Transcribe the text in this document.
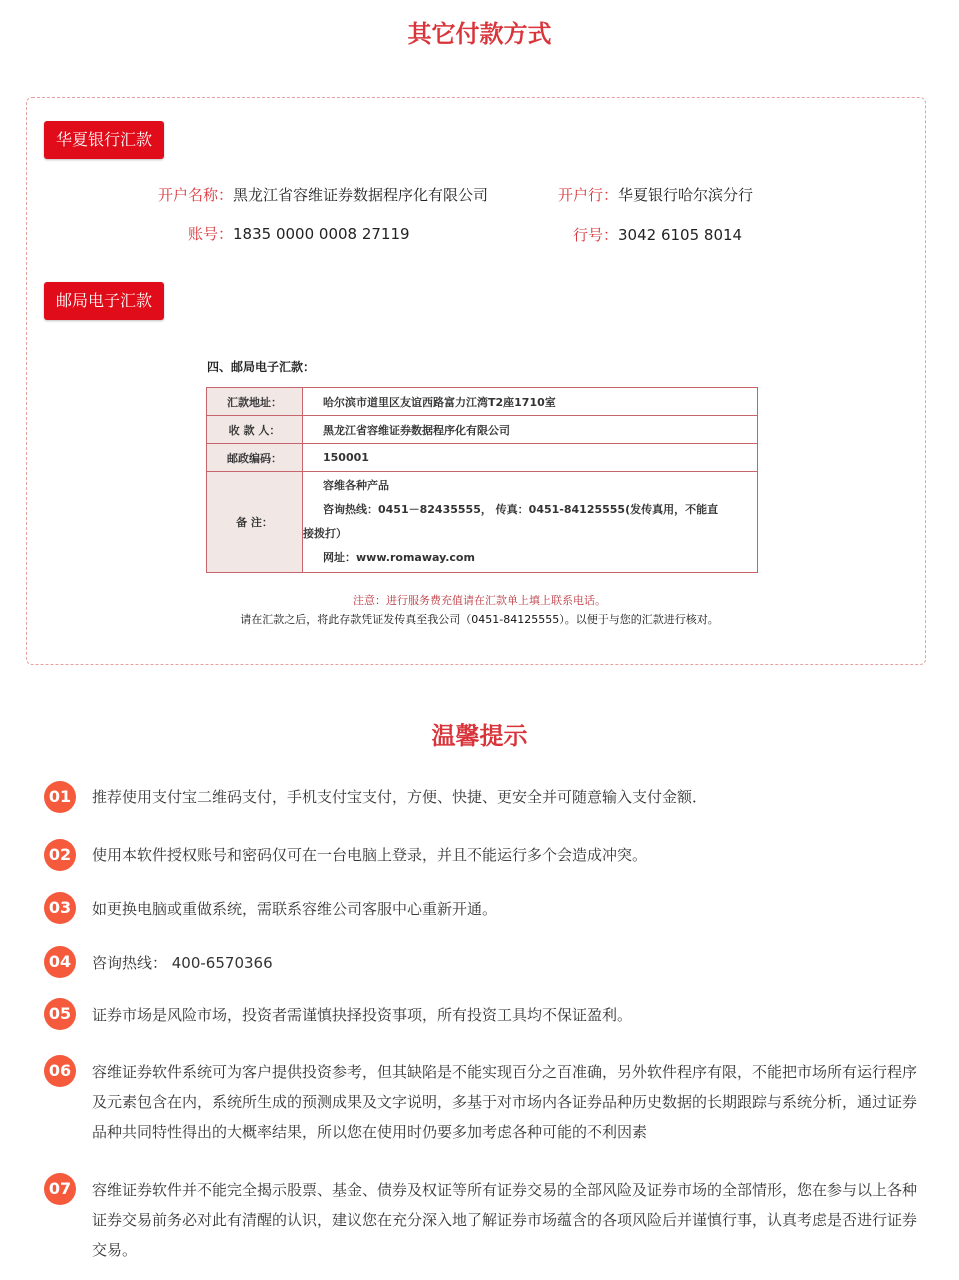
其它付款方式
华夏银行汇款
开户名称：黑龙江省容维证券数据程序化有限公司	开户行：华夏银行哈尔滨分行
账号：1835 0000 0008 27119	行号：3042 6105 8014
邮局电子汇款
四、邮局电子汇款：
汇款地址：	哈尔滨市道里区友谊西路富力江湾T2座1710室
收 款 人：	黑龙江省容维证券数据程序化有限公司
邮政编码：	150001
备 注：	容维各种产品
咨询热线：0451－82435555， 传真：0451-84125555(发传真用，不能直
接拨打）
网址：www.romaway.com
注意：进行服务费充值请在汇款单上填上联系电话。
请在汇款之后，将此存款凭证发传真至我公司（0451-84125555）。以便于与您的汇款进行核对。
温馨提示
01	推荐使用支付宝二维码支付，手机支付宝支付，方便、快捷、更安全并可随意输入支付金额．
02	使用本软件授权账号和密码仅可在一台电脑上登录，并且不能运行多个会造成冲突。
03	如更换电脑或重做系统，需联系容维公司客服中心重新开通。
04	咨询热线： 400-6570366
05	证券市场是风险市场，投资者需谨慎抉择投资事项，所有投资工具均不保证盈利。
06	容维证券软件系统可为客户提供投资参考，但其缺陷是不能实现百分之百准确，另外软件程序有限，不能把市场所有运行程序及元素包含在内，系统所生成的预测成果及文字说明，多基于对市场内各证券品种历史数据的长期跟踪与系统分析，通过证券品种共同特性得出的大概率结果，所以您在使用时仍要多加考虑各种可能的不利因素
07	容维证券软件并不能完全揭示股票、基金、债券及权证等所有证券交易的全部风险及证券市场的全部情形，您在参与以上各种证券交易前务必对此有清醒的认识，建议您在充分深入地了解证券市场蕴含的各项风险后并谨慎行事，认真考虑是否进行证券交易。
